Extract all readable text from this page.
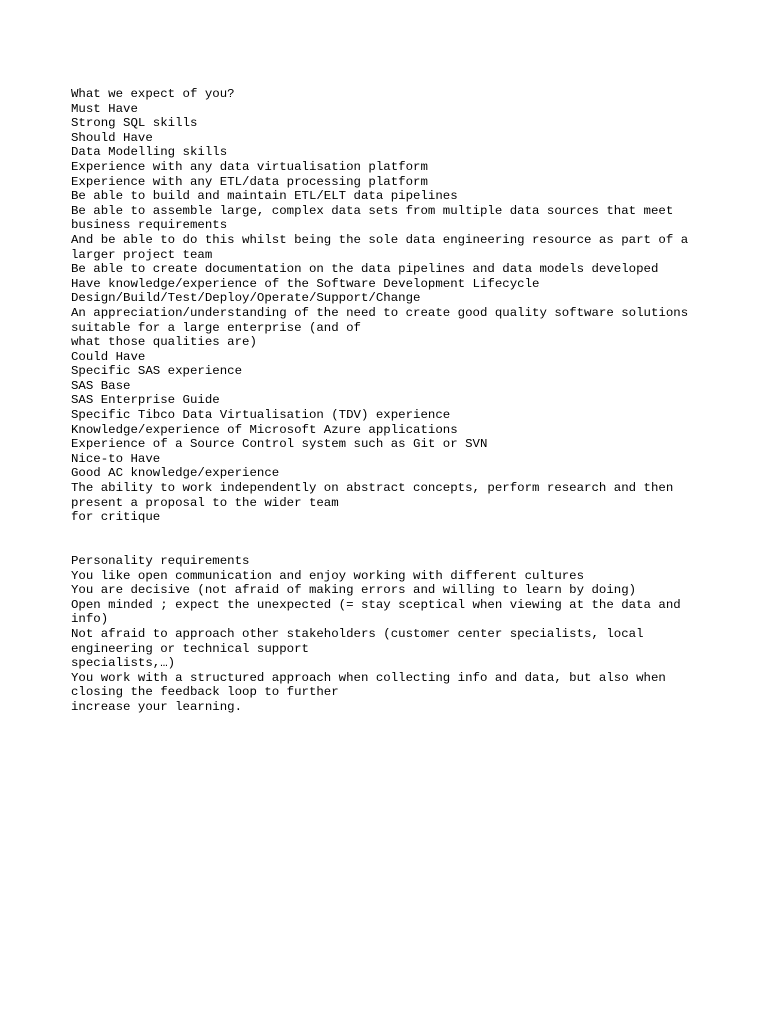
What we expect of you?

Must Have

Strong SQL skills

Should Have

Data Modelling skills

Experience with any data virtualisation platform

Experience with any ETL/data processing platform

Be able to build and maintain ETL/ELT data pipelines

Be able to assemble large, complex data sets from multiple data sources that meet

business requirements

And be able to do this whilst being the sole data engineering resource as part of a

larger project team

Be able to create documentation on the data pipelines and data models developed

Have knowledge/experience of the Software Development Lifecycle

Design/Build/Test/Deploy/Operate/Support/Change

An appreciation/understanding of the need to create good quality software solutions

suitable for a large enterprise (and of

what those qualities are)

Could Have

Specific SAS experience

SAS Base

SAS Enterprise Guide

Specific Tibco Data Virtualisation (TDV) experience

Knowledge/experience of Microsoft Azure applications

Experience of a Source Control system such as Git or SVN

Nice-to Have

Good AC knowledge/experience

The ability to work independently on abstract concepts, perform research and then

present a proposal to the wider team

for critique

Personality requirements

You like open communication and enjoy working with different cultures

You are decisive (not afraid of making errors and willing to learn by doing)

Open minded ; expect the unexpected (= stay sceptical when viewing at the data and

info)

Not afraid to approach other stakeholders (customer center specialists, local

engineering or technical support

specialists,…)

You work with a structured approach when collecting info and data, but also when

closing the feedback loop to further

increase your learning.
